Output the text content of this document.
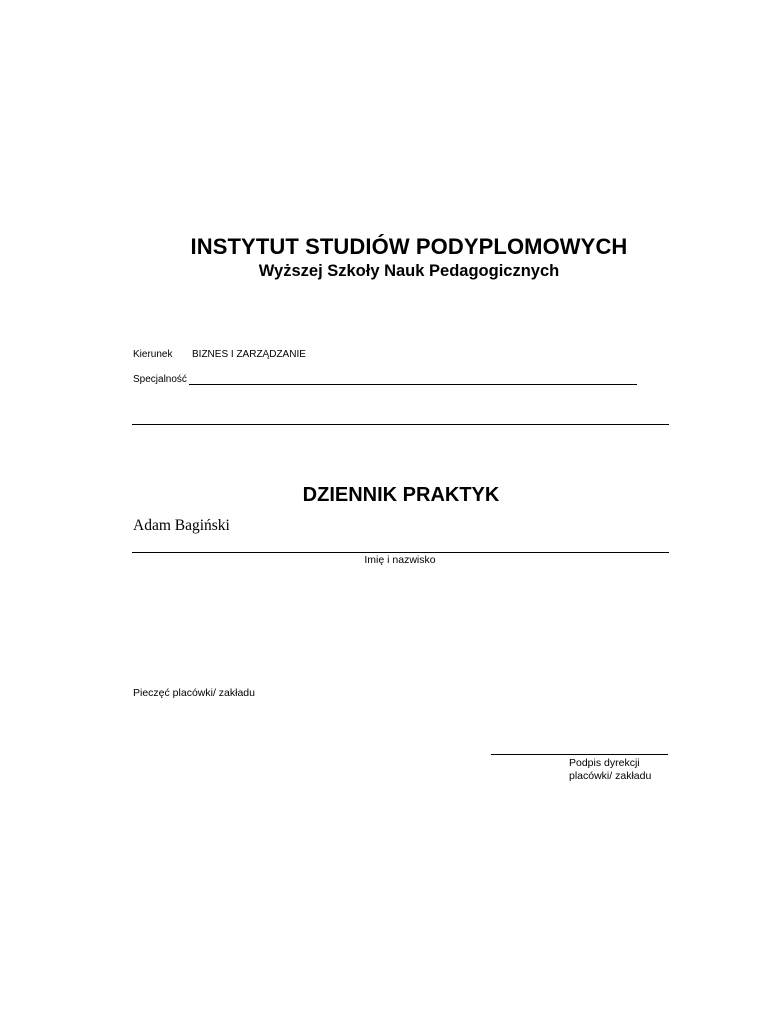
INSTYTUT STUDIÓW PODYPLOMOWYCH
Wyższej Szkoły Nauk Pedagogicznych
Kierunek BIZNES I ZARZĄDZANIE
Specjalność
DZIENNIK PRAKTYK
Adam Bagiński
Imię i nazwisko
Pieczęć placówki/ zakładu
Podpis dyrekcji
placówki/ zakładu
